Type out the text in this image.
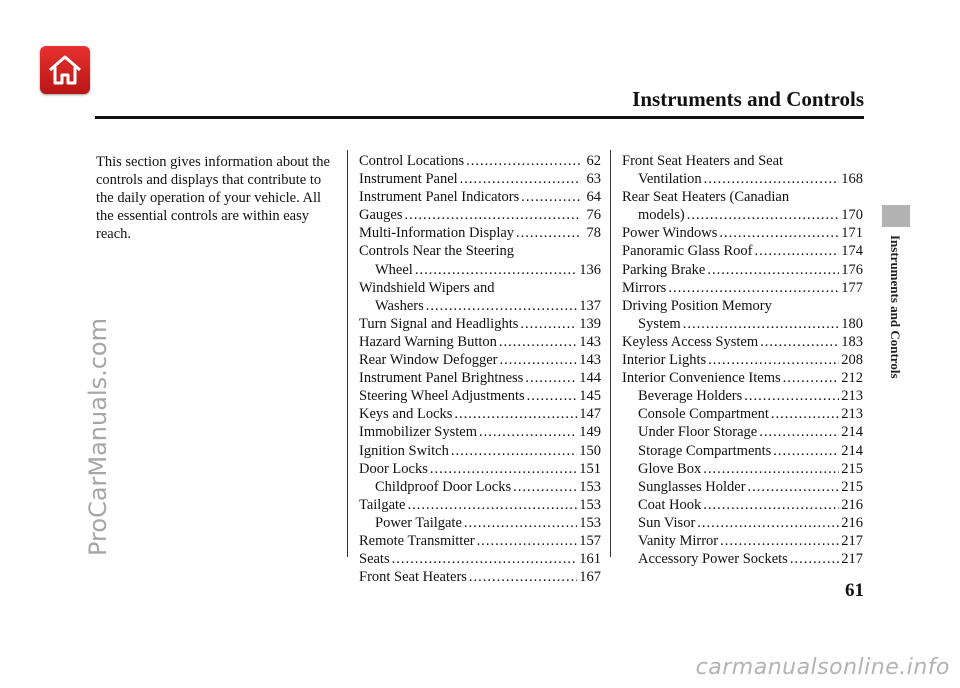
Instruments and Controls
Instruments and Controls
ProCarManuals.com
This section gives information about the controls and displays that contribute to the daily operation of your vehicle. All the essential controls are within easy reach.
Control Locations .....	62
Instrument Panel .....	63
Instrument Panel Indicators .....	64
Gauges .....	76
Multi-Information Display .....	78
Controls Near the Steering
Wheel .....	136
Windshield Wipers and
Washers .....	137
Turn Signal and Headlights .....	139
Hazard Warning Button .....	143
Rear Window Defogger .....	143
Instrument Panel Brightness .....	144
Steering Wheel Adjustments .....	145
Keys and Locks .....	147
Immobilizer System .....	149
Ignition Switch .....	150
Door Locks .....	151
Childproof Door Locks .....	153
Tailgate .....	153
Power Tailgate .....	153
Remote Transmitter .....	157
Seats .....	161
Front Seat Heaters .....	167
Front Seat Heaters and Seat
Ventilation .....	168
Rear Seat Heaters (Canadian
models) .....	170
Power Windows .....	171
Panoramic Glass Roof .....	174
Parking Brake .....	176
Mirrors .....	177
Driving Position Memory
System .....	180
Keyless Access System .....	183
Interior Lights .....	208
Interior Convenience Items .....	212
Beverage Holders .....	213
Console Compartment .....	213
Under Floor Storage .....	214
Storage Compartments .....	214
Glove Box .....	215
Sunglasses Holder .....	215
Coat Hook .....	216
Sun Visor .....	216
Vanity Mirror .....	217
Accessory Power Sockets .....	217
61
carmanualsonline.info
